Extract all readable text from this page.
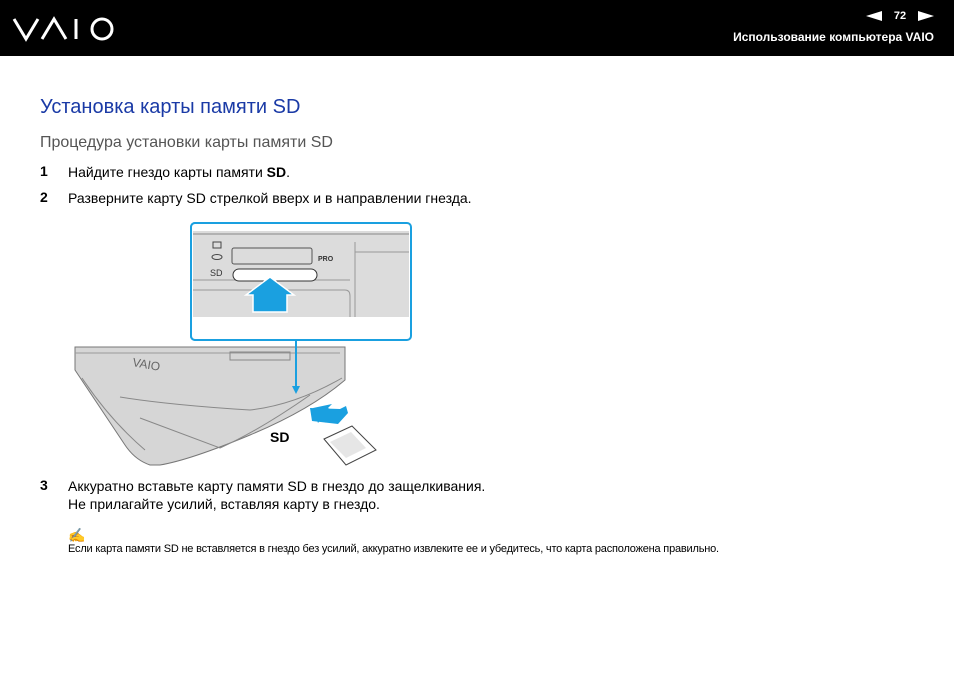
72
Использование компьютера VAIO
Установка карты памяти SD
Процедура установки карты памяти SD
1 Найдите гнездо карты памяти SD.
2 Разверните карту SD стрелкой вверх и в направлении гнезда.
PRO
SD
VAIO
SD
3 Аккуратно вставьте карту памяти SD в гнездо до защелкивания.
Не прилагайте усилий, вставляя карту в гнездо.
✍
Если карта памяти SD не вставляется в гнездо без усилий, аккуратно извлеките ее и убедитесь, что карта расположена правильно.
